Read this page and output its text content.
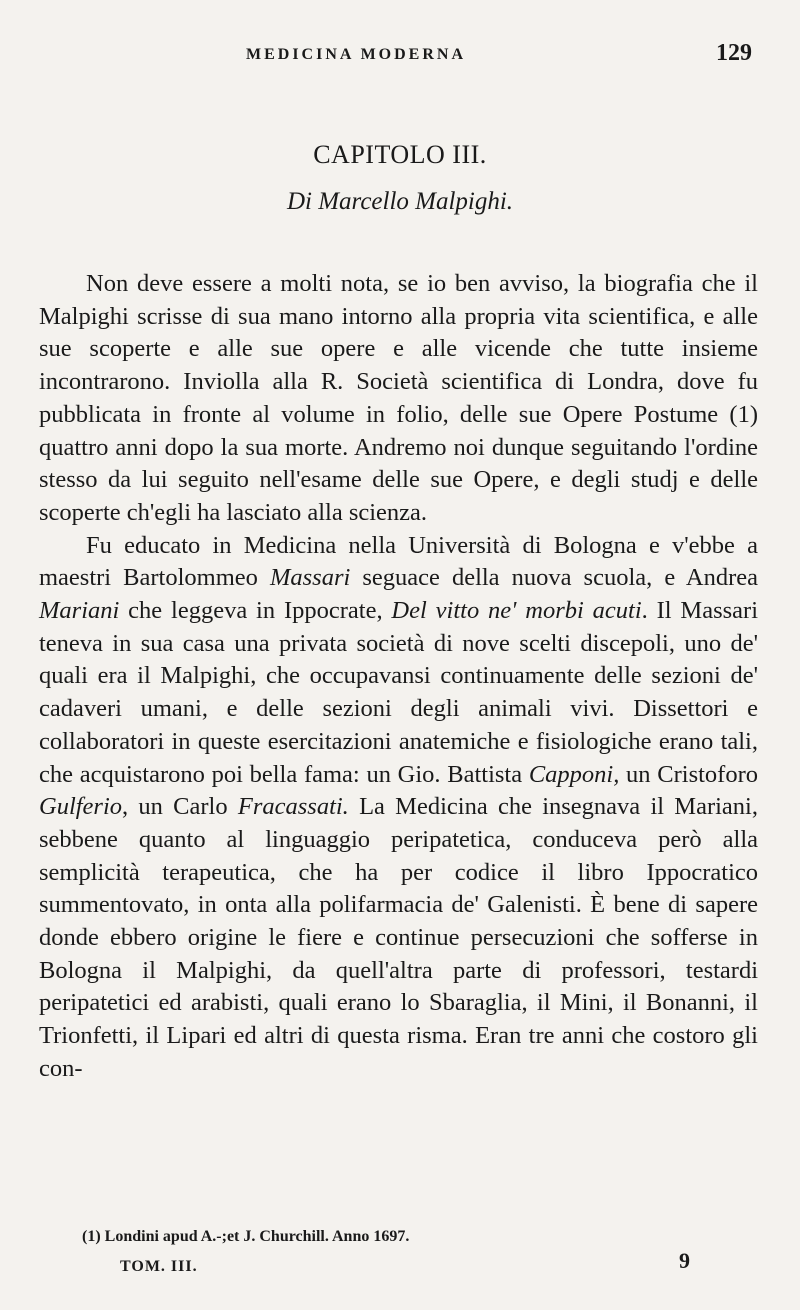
MEDICINA MODERNA	129
CAPITOLO III.
Di Marcello Malpighi.

Non deve essere a molti nota, se io ben avviso, la biografia che il Malpighi scrisse di sua mano intorno alla propria vita scientifica, e alle sue scoperte e alle sue opere e alle vicende che tutte insieme incontrarono. Inviolla alla R. Società scientifica di Londra, dove fu pubblicata in fronte al volume in folio, delle sue Opere Postume (1) quattro anni dopo la sua morte. Andremo noi dunque seguitando l'ordine stesso da lui seguito nell'esame delle sue Opere, e degli studj e delle scoperte ch'egli ha lasciato alla scienza.

Fu educato in Medicina nella Università di Bologna e v'ebbe a maestri Bartolommeo Massari seguace della nuova scuola, e Andrea Mariani che leggeva in Ippocrate, Del vitto ne' morbi acuti. Il Massari teneva in sua casa una privata società di nove scelti discepoli, uno de' quali era il Malpighi, che occupavansi continuamente delle sezioni de' cadaveri umani, e delle sezioni degli animali vivi. Dissettori e collaboratori in queste esercitazioni anatemiche e fisiologiche erano tali, che acquistarono poi bella fama: un Gio. Battista Capponi, un Cristoforo Gulferio, un Carlo Fracassati. La Medicina che insegnava il Mariani, sebbene quanto al linguaggio peripatetica, conduceva però alla semplicità terapeutica, che ha per codice il libro Ippocratico summentovato, in onta alla polifarmacia de' Galenisti. È bene di sapere donde ebbero origine le fiere e continue persecuzioni che sofferse in Bologna il Malpighi, da quell'altra parte di professori, testardi peripatetici ed arabisti, quali erano lo Sbaraglia, il Mini, il Bonanni, il Trionfetti, il Lipari ed altri di questa risma. Eran tre anni che costoro gli con-

(1) Londini apud A.-;et J. Churchill. Anno 1697.
TOM. III.	9
